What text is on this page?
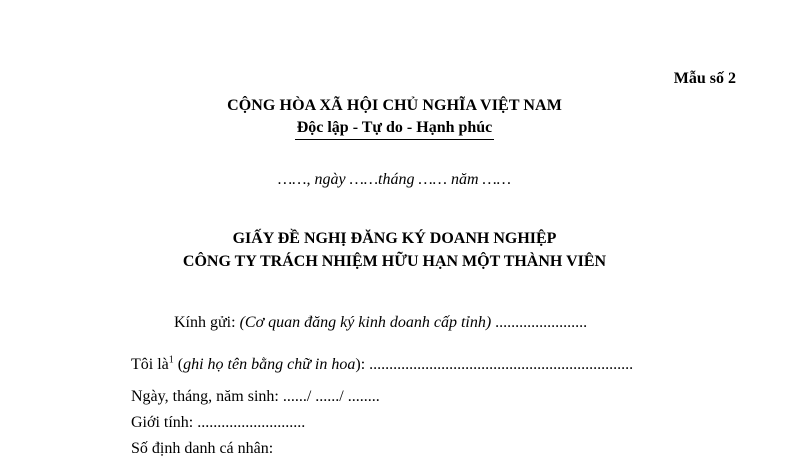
Mẫu số 2
CỘNG HÒA XÃ HỘI CHỦ NGHĨA VIỆT NAM
Độc lập - Tự do - Hạnh phúc
……, ngày ……tháng …… năm ……
GIẤY ĐỀ NGHỊ ĐĂNG KÝ DOANH NGHIỆP
CÔNG TY TRÁCH NHIỆM HỮU HẠN MỘT THÀNH VIÊN
Kính gửi: (Cơ quan đăng ký kinh doanh cấp tỉnh) .......................
Tôi $là^1$ (ghi họ tên bằng chữ in hoa): ..................................................................
Ngày, tháng, năm sinh: ....../ ....../ ........
Giới tính: ...........................
Số định danh cá nhân:
